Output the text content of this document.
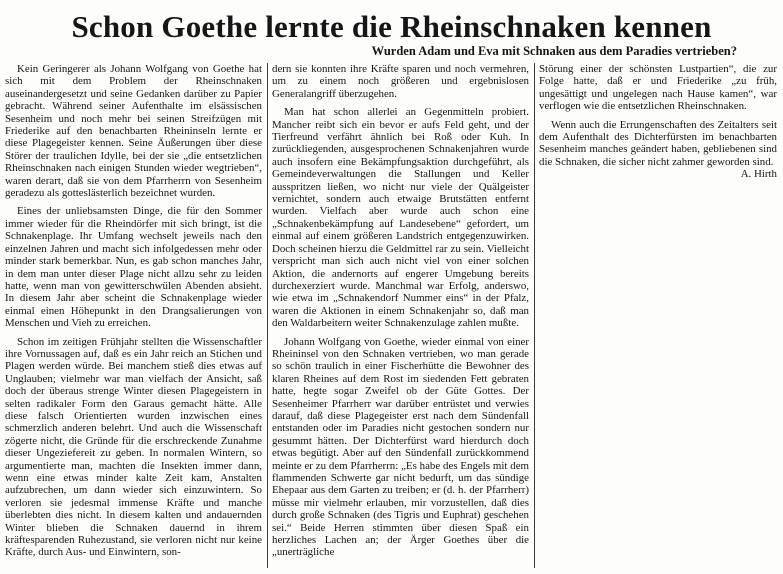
Schon Goethe lernte die Rheinschnaken kennen
Wurden Adam und Eva mit Schnaken aus dem Paradies vertrieben?

Kein Geringerer als Johann Wolfgang von Goethe hat sich mit dem Problem der Rheinschnaken auseinandergesetzt und seine Gedanken darüber zu Papier gebracht. Während seiner Aufenthalte im elsässischen Sesenheim und noch mehr bei seinen Streifzügen mit Friederike auf den benachbarten Rheininseln lernte er diese Plagegeister kennen. Seine Äußerungen über diese Störer der traulichen Idylle, bei der sie „die entsetzlichen Rheinschnaken nach einigen Stunden wieder wegtrieben“, waren derart, daß sie von dem Pfarrherrn von Sesenheim geradezu als gotteslästerlich bezeichnet wurden.

Eines der unliebsamsten Dinge, die für den Sommer immer wieder für die Rheindörfer mit sich bringt, ist die Schnakenplage. Ihr Umfang wechselt jeweils nach den einzelnen Jahren und macht sich infolgedessen mehr oder minder stark bemerkbar. Nun, es gab schon manches Jahr, in dem man unter dieser Plage nicht allzu sehr zu leiden hatte, wenn man von gewitterschwülen Abenden absieht. In diesem Jahr aber scheint die Schnakenplage wieder einmal einen Höhepunkt in den Drangsalierungen von Menschen und Vieh zu erreichen.

Schon im zeitigen Frühjahr stellten die Wissenschaftler ihre Vornussagen auf, daß es ein Jahr reich an Stichen und Plagen werden würde. Bei manchem stieß dies etwas auf Unglauben; vielmehr war man vielfach der Ansicht, saß doch der überaus strenge Winter diesen Plagegeistern in selten radikaler Form den Garaus gemacht hätte. Alle diese falsch Orientierten wurden inzwischen eines schmerzlich anderen belehrt. Und auch die Wissenschaft zögerte nicht, die Gründe für die erschreckende Zunahme dieser Ungeziefereit zu geben. In normalen Wintern, so argumentierte man, machten die Insekten immer dann, wenn eine etwas minder kalte Zeit kam, Anstalten aufzubrechen, um dann wieder sich einzuwintern. So verloren sie jedesmal immense Kräfte und manche überlebten dies nicht. In diesem kalten und andauernden Winter blieben die Schnaken dauernd in ihrem kräftesparenden Ruhezustand, sie verloren nicht nur keine Kräfte, durch Aus- und Einwintern, son-

dern sie konnten ihre Kräfte sparen und noch vermehren, um zu einem noch größeren und ergebnislosen Generalangriff überzugehen.

Man hat schon allerlei an Gegenmitteln probiert. Mancher reibt sich ein bevor er aufs Feld geht, und der Tierfreund verfährt ähnlich bei Roß oder Kuh. In zurückliegenden, ausgesprochenen Schnakenjahren wurde auch insofern eine Bekämpfungsaktion durchgeführt, als Gemeindeverwaltungen die Stallungen und Keller ausspritzen ließen, wo nicht nur viele der Quälgeister vernichtet, sondern auch etwaige Brutstätten entfernt wurden. Vielfach aber wurde auch schon eine „Schnakenbekämpfung auf Landesebene“ gefordert, um einmal auf einem größeren Landstrich entgegenzuwirken. Doch scheinen hierzu die Geldmittel rar zu sein. Vielleicht verspricht man sich auch nicht viel von einer solchen Aktion, die andernorts auf engerer Umgebung bereits durchexerziert wurde. Manchmal war Erfolg, anderswo, wie etwa im „Schnakendorf Nummer eins“ in der Pfalz, waren die Aktionen in einem Schnakenjahr so, daß man den Waldarbeitern weiter Schnakenzulage zahlen mußte.

Johann Wolfgang von Goethe, wieder einmal von einer Rheininsel von den Schnaken vertrieben, wo man gerade so schön traulich in einer Fischerhütte die Bewohner des klaren Rheines auf dem Rost im siedenden Fett gebraten hatte, hegte sogar Zweifel ob der Güte Gottes. Der Sesenheimer Pfarrherr war darüber entrüstet und verwies darauf, daß diese Plagegeister erst nach dem Sündenfall entstanden oder im Paradies nicht gestochen sondern nur gesummt hätten. Der Dichterfürst ward hierdurch doch etwas begütigt. Aber auf den Sündenfall zurückkommend meinte er zu dem Pfarrherrn: „Es habe des Engels mit dem flammenden Schwerte gar nicht bedurft, um das sündige Ehepaar aus dem Garten zu treiben; er (d. h. der Pfarrherr) müsse mir vielmehr erlauben, mir vorzustellen, daß dies durch große Schnaken (des Tigris und Euphrat) geschehen sei.“ Beide Herren stimmten über diesen Spaß ein herzliches Lachen an; der Ärger Goethes über die „unerträgliche

Störung einer der schönsten Lustpartien“, die zur Folge hatte, daß er und Friederike „zu früh, ungesättigt und ungelegen nach Hause kamen“, war verflogen wie die entsetzlichen Rheinschnaken.

Wenn auch die Errungenschaften des Zeitalters seit dem Aufenthalt des Dichterfürsten im benachbarten Sesenheim manches geändert haben, gebliebenen sind die Schnaken, die sicher nicht zahmer geworden sind.

A. Hirth
